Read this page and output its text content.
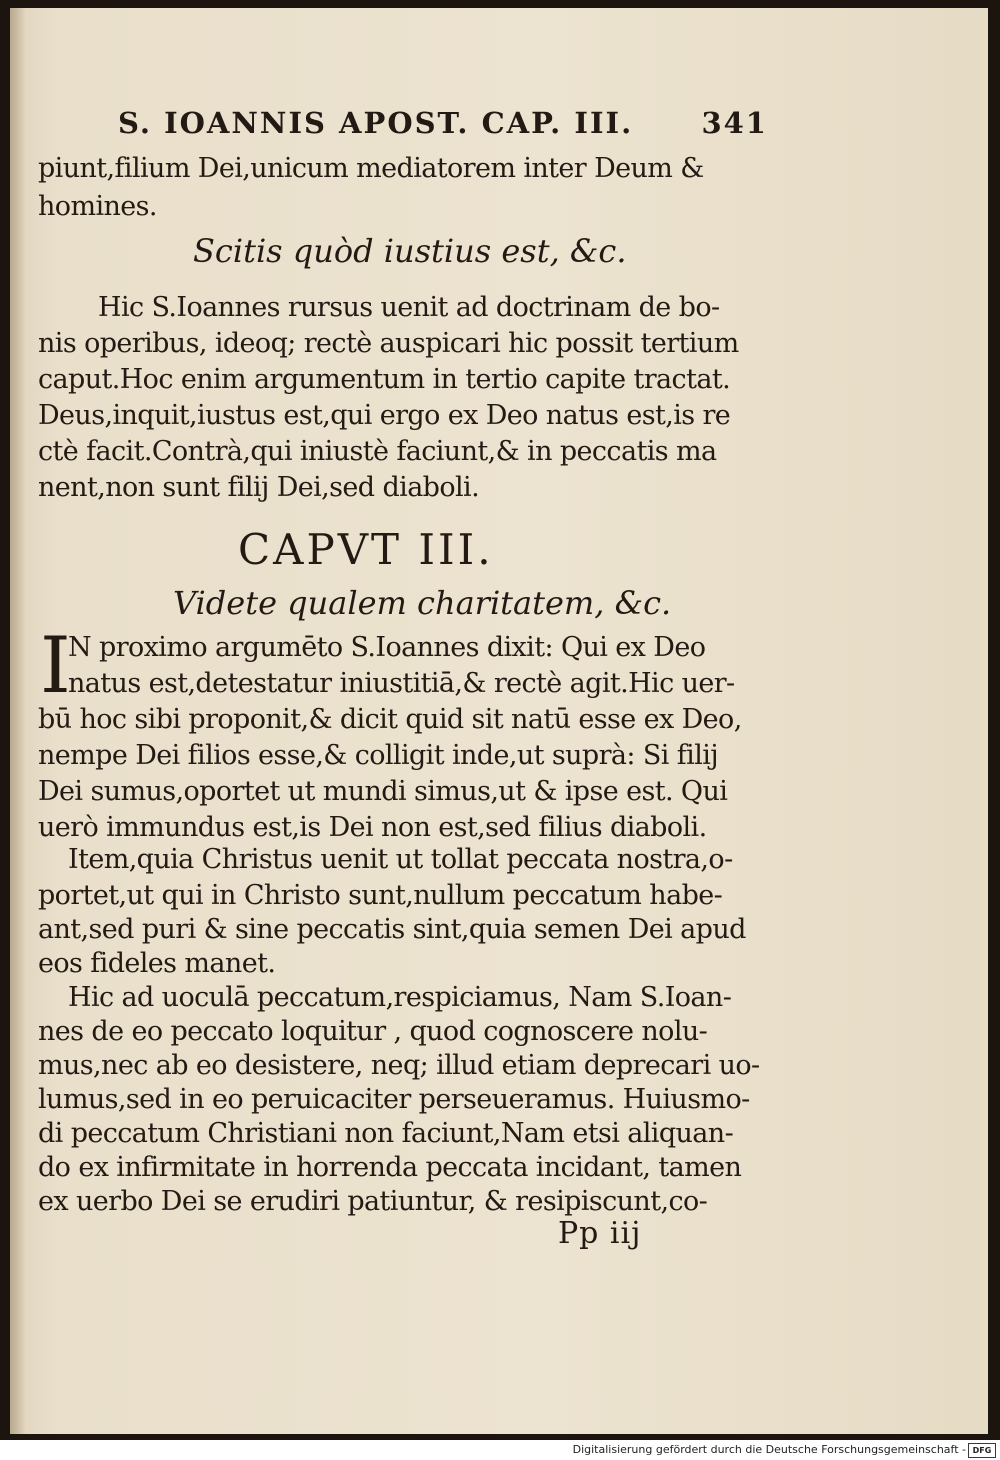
S. IOANNIS APOST. CAP. III. 341

piunt,filium Dei,unicum mediatorem inter Deum &

homines.

Scitis quòd iustius est, &c.

Hic S.Ioannes rursus uenit ad doctrinam de bo-

nis operibus, ideoq; rectè auspicari hic possit tertium

caput.Hoc enim argumentum in tertio capite tractat.

Deus,inquit,iustus est,qui ergo ex Deo natus est,is re

ctè facit.Contrà,qui iniustè faciunt,& in peccatis ma

nent,non sunt filij Dei,sed diaboli.

CAPVT III.

Videte qualem charitatem, &c.

I

N proximo argumēto S.Ioannes dixit: Qui ex Deo

natus est,detestatur iniustitiā,& rectè agit.Hic uer-

bū hoc sibi proponit,& dicit quid sit natū esse ex Deo,

nempe Dei filios esse,& colligit inde,ut suprà: Si filij

Dei sumus,oportet ut mundi simus,ut & ipse est. Qui

uerò immundus est,is Dei non est,sed filius diaboli.

Item,quia Christus uenit ut tollat peccata nostra,o-

portet,ut qui in Christo sunt,nullum peccatum habe-

ant,sed puri & sine peccatis sint,quia semen Dei apud

eos fideles manet.

Hic ad uoculā peccatum,respiciamus, Nam S.Ioan-

nes de eo peccato loquitur , quod cognoscere nolu-

mus,nec ab eo desistere, neq; illud etiam deprecari uo-

lumus,sed in eo peruicaciter perseueramus. Huiusmo-

di peccatum Christiani non faciunt,Nam etsi aliquan-

do ex infirmitate in horrenda peccata incidant, tamen

ex uerbo Dei se erudiri patiuntur, & resipiscunt,co-

Pp iij

Digitalisierung gefördert durch die Deutsche Forschungsgemeinschaft - DFG
